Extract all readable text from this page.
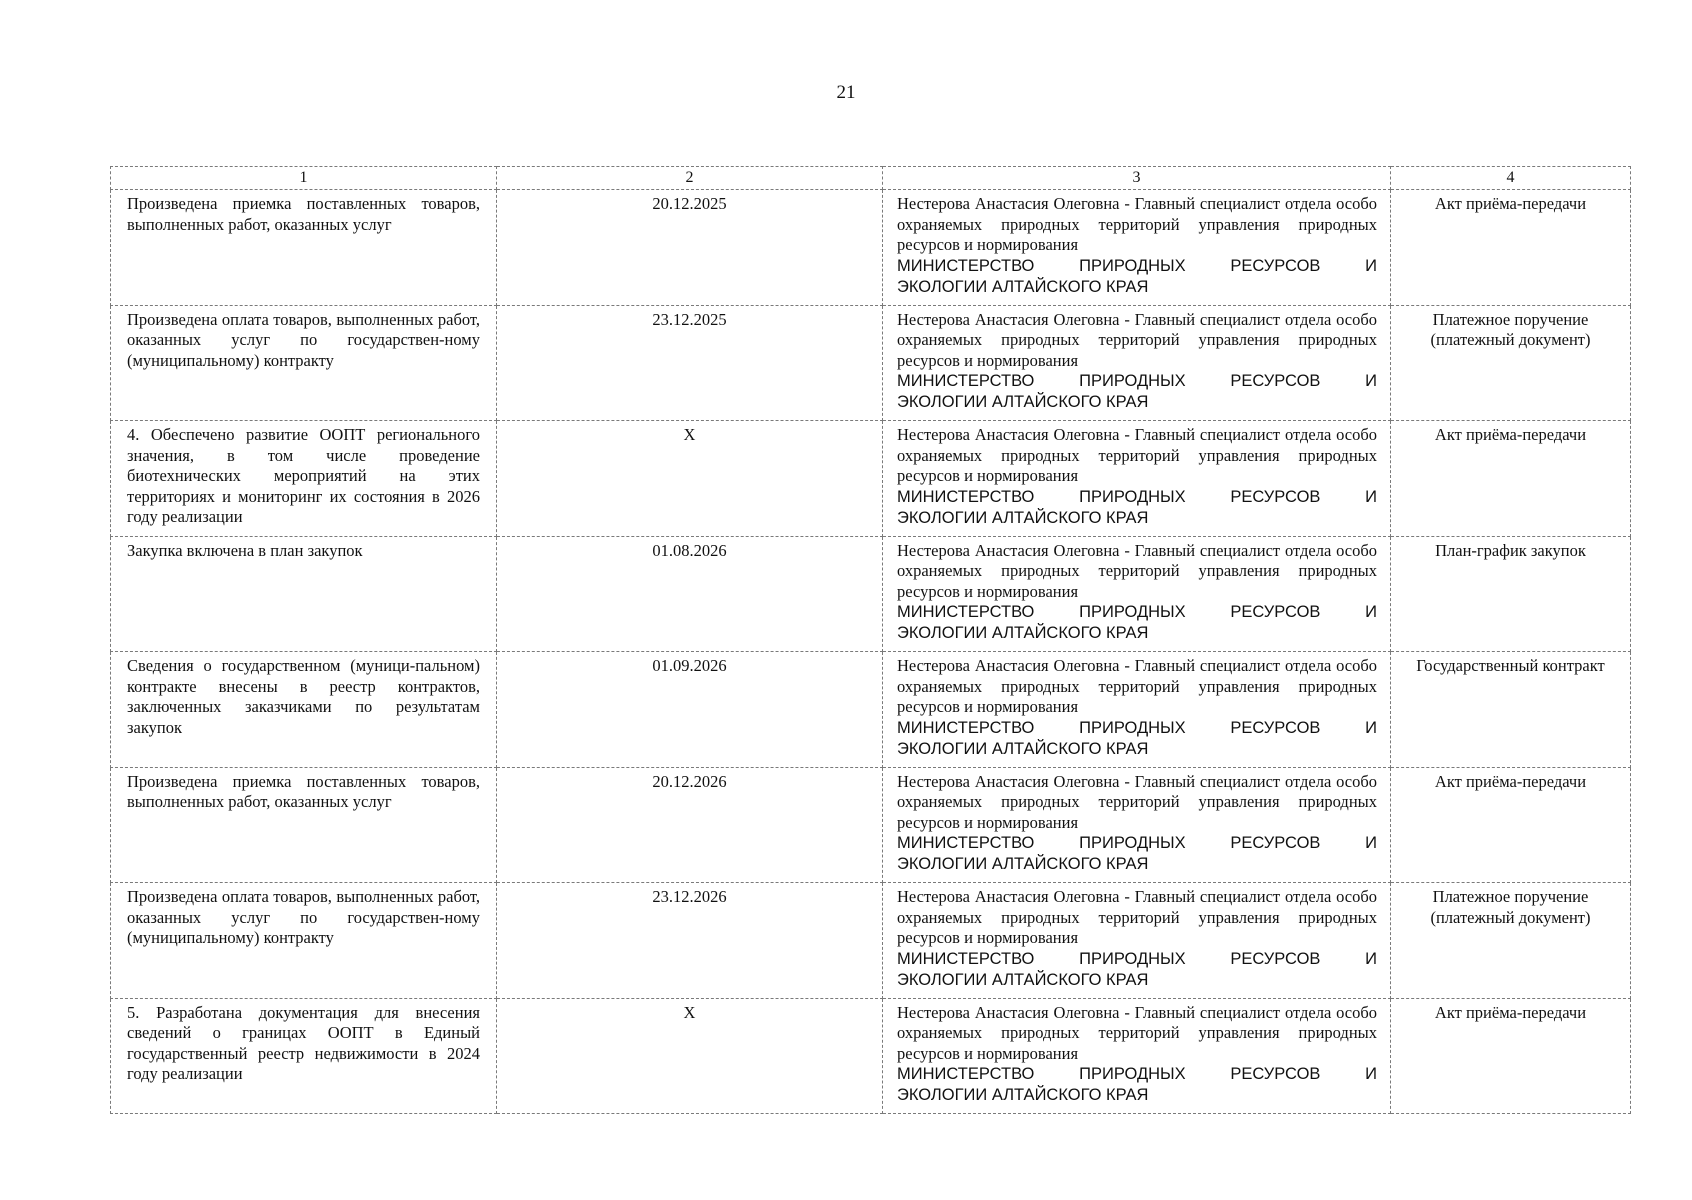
21
1	2	3	4
Произведена приемка поставленных товаров, выполненных работ, оказанных услуг	20.12.2025	Нестерова Анастасия Олеговна - Главный специалист отдела особо охраняемых природных территорий управления природных ресурсов и нормирования
МИНИСТЕРСТВО ПРИРОДНЫХ РЕСУРСОВ И
ЭКОЛОГИИ АЛТАЙСКОГО КРАЯ	Акт приёма-передачи
Произведена оплата товаров, выполненных работ, оказанных услуг по государствен-ному (муниципальному) контракту	23.12.2025	Нестерова Анастасия Олеговна - Главный специалист отдела особо охраняемых природных территорий управления природных ресурсов и нормирования
МИНИСТЕРСТВО ПРИРОДНЫХ РЕСУРСОВ И
ЭКОЛОГИИ АЛТАЙСКОГО КРАЯ	Платежное поручение (платежный документ)
4. Обеспечено развитие ООПТ регионального значения, в том числе проведение биотехнических мероприятий на этих территориях и мониторинг их состояния в 2026 году реализации	X	Нестерова Анастасия Олеговна - Главный специалист отдела особо охраняемых природных территорий управления природных ресурсов и нормирования
МИНИСТЕРСТВО ПРИРОДНЫХ РЕСУРСОВ И
ЭКОЛОГИИ АЛТАЙСКОГО КРАЯ	Акт приёма-передачи
Закупка включена в план закупок	01.08.2026	Нестерова Анастасия Олеговна - Главный специалист отдела особо охраняемых природных территорий управления природных ресурсов и нормирования
МИНИСТЕРСТВО ПРИРОДНЫХ РЕСУРСОВ И
ЭКОЛОГИИ АЛТАЙСКОГО КРАЯ	План-график закупок
Сведения о государственном (муници-пальном) контракте внесены в реестр контрактов, заключенных заказчиками по результатам закупок	01.09.2026	Нестерова Анастасия Олеговна - Главный специалист отдела особо охраняемых природных территорий управления природных ресурсов и нормирования
МИНИСТЕРСТВО ПРИРОДНЫХ РЕСУРСОВ И
ЭКОЛОГИИ АЛТАЙСКОГО КРАЯ	Государственный контракт
Произведена приемка поставленных товаров, выполненных работ, оказанных услуг	20.12.2026	Нестерова Анастасия Олеговна - Главный специалист отдела особо охраняемых природных территорий управления природных ресурсов и нормирования
МИНИСТЕРСТВО ПРИРОДНЫХ РЕСУРСОВ И
ЭКОЛОГИИ АЛТАЙСКОГО КРАЯ	Акт приёма-передачи
Произведена оплата товаров, выполненных работ, оказанных услуг по государствен-ному (муниципальному) контракту	23.12.2026	Нестерова Анастасия Олеговна - Главный специалист отдела особо охраняемых природных территорий управления природных ресурсов и нормирования
МИНИСТЕРСТВО ПРИРОДНЫХ РЕСУРСОВ И
ЭКОЛОГИИ АЛТАЙСКОГО КРАЯ	Платежное поручение (платежный документ)
5. Разработана документация для внесения сведений о границах ООПТ в Единый государственный реестр недвижимости в 2024 году реализации	X	Нестерова Анастасия Олеговна - Главный специалист отдела особо охраняемых природных территорий управления природных ресурсов и нормирования
МИНИСТЕРСТВО ПРИРОДНЫХ РЕСУРСОВ И
ЭКОЛОГИИ АЛТАЙСКОГО КРАЯ	Акт приёма-передачи
